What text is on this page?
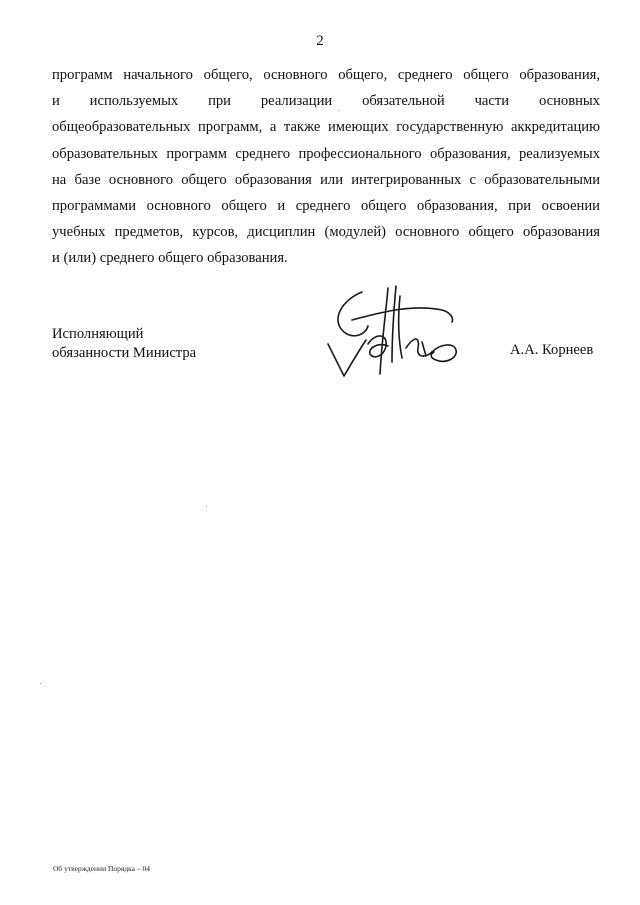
2
программ начального общего, основного общего, среднего общего образования,
и используемых при реализации обязательной части основных
общеобразовательных программ, а также имеющих государственную аккредитацию
образовательных программ среднего профессионального образования, реализуемых
на базе основного общего образования или интегрированных с образовательными
программами основного общего и среднего общего образования, при освоении
учебных предметов, курсов, дисциплин (модулей) основного общего образования
и (или) среднего общего образования.
Исполняющий
обязанности Министра	А.А. Корнеев
Об утверждении Порядка – 04
